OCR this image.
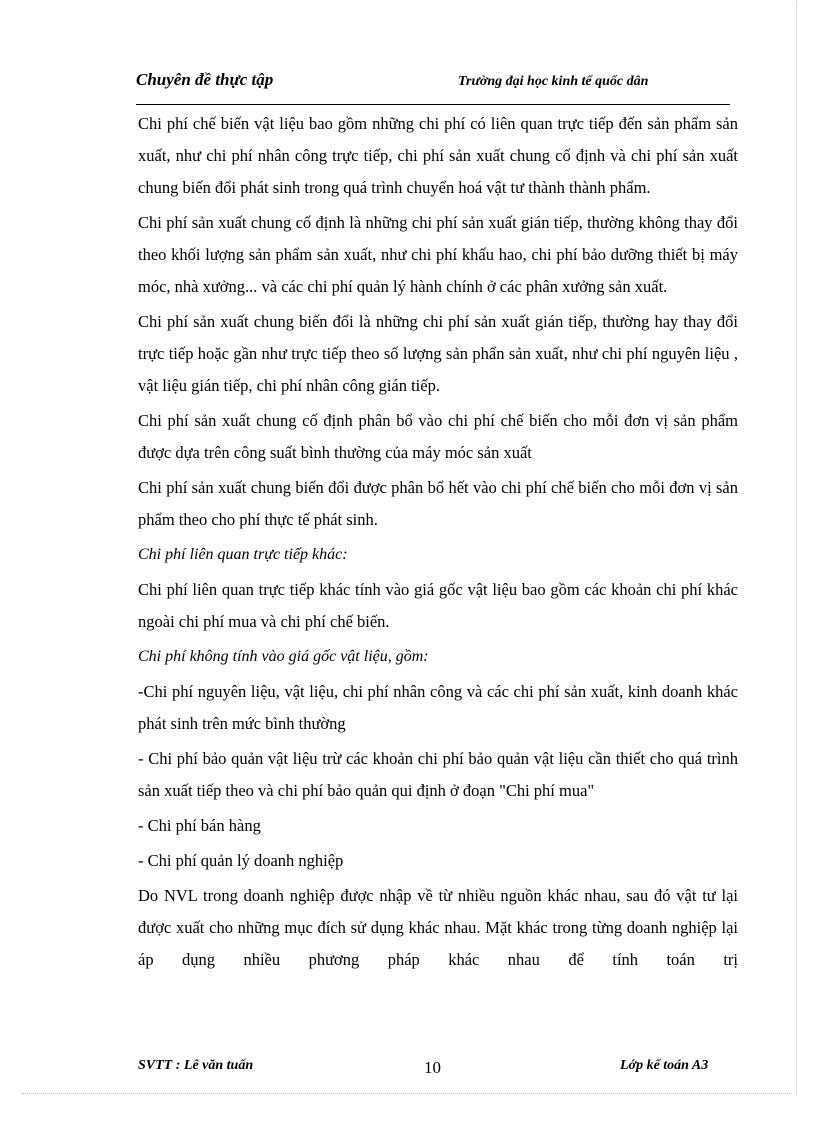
Chuyên đề thực tập	Trường đại học kinh tế quốc dân

Chi phí chế biến vật liệu bao gồm những chi phí có liên quan trực tiếp đến sản phẩm sản xuất, như chi phí nhân công trực tiếp, chi phí sản xuất chung cố định và chi phí sản xuất chung biến đổi phát sinh trong quá trình chuyển hoá vật tư thành thành phẩm.

Chi phí sản xuất chung cố định là những chi phí sản xuất gián tiếp, thường không thay đổi theo khối lượng sản phẩm sản xuất, như chi phí khấu hao, chi phí bảo dưỡng thiết bị máy móc, nhà xưởng... và các chi phí quản lý hành chính ở các phân xưởng sản xuất.

Chi phí sản xuất chung biến đổi là những chi phí sản xuất gián tiếp, thường hay thay đổi trực tiếp hoặc gần như trực tiếp theo số lượng sản phẩn sản xuất, như chi phí nguyên liệu , vật liệu gián tiếp, chi phí nhân công gián tiếp.

Chi phí sản xuất chung cố định phân bổ vào chi phí chế biến cho mỗi đơn vị sản phẩm được dựa trên công suất bình thường của máy móc sản xuất

Chi phí sản xuất chung biến đổi được phân bổ hết vào chi phí chế biến cho mỗi đơn vị sản phẩm theo cho phí thực tế phát sinh.

Chi phí liên quan trực tiếp khác:

Chi phí liên quan trực tiếp khác tính vào giá gốc vật liệu bao gồm các khoản chi phí khác ngoài chi phí mua và chi phí chế biến.

Chi phí không tính vào giá gốc vật liệu, gồm:

-Chi phí nguyên liệu, vật liệu, chi phí nhân công và các chi phí sản xuất, kinh doanh khác phát sinh trên mức bình thường

- Chi phí bảo quản vật liệu trừ các khoản chi phí bảo quản vật liệu cần thiết cho quá trình sản xuất tiếp theo và chi phí bảo quản qui định ở đoạn "Chi phí mua"

- Chi phí bán hàng

- Chi phí quản lý doanh nghiệp

Do NVL trong doanh nghiệp được nhập về từ nhiều nguồn khác nhau, sau đó vật tư lại được xuất cho những mục đích sử dụng khác nhau. Mặt khác trong từng doanh nghiệp lại áp dụng nhiều phương pháp khác nhau để tính toán trị

SVTT : Lê văn tuấn	10	Lớp kế toán A3
